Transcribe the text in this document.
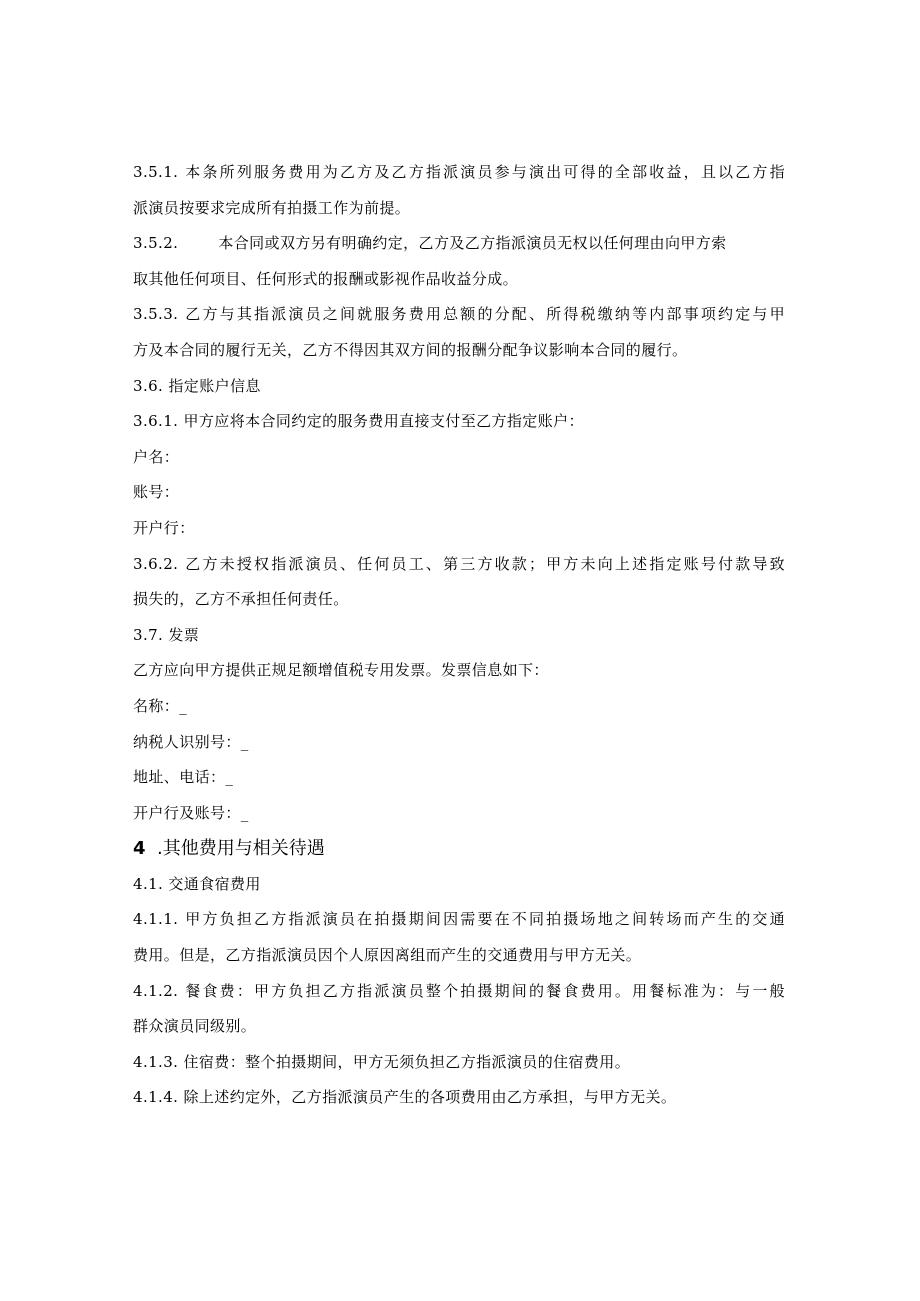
3.5.1. 本条所列服务费用为乙方及乙方指派演员参与演出可得的全部收益，且以乙方指
派演员按要求完成所有拍摄工作为前提。
3.5.2.	本合同或双方另有明确约定，乙方及乙方指派演员无权以任何理由向甲方索
取其他任何项目、任何形式的报酬或影视作品收益分成。
3.5.3. 乙方与其指派演员之间就服务费用总额的分配、所得税缴纳等内部事项约定与甲
方及本合同的履行无关，乙方不得因其双方间的报酬分配争议影响本合同的履行。
3.6. 指定账户信息
3.6.1. 甲方应将本合同约定的服务费用直接支付至乙方指定账户：
户名：
账号：
开户行：
3.6.2. 乙方未授权指派演员、任何员工、第三方收款；甲方未向上述指定账号付款导致
损失的，乙方不承担任何责任。
3.7. 发票
乙方应向甲方提供正规足额增值税专用发票。发票信息如下：
名称：_
纳税人识别号：_
地址、电话：_
开户行及账号：_
4 .其他费用与相关待遇
4.1. 交通食宿费用
4.1.1. 甲方负担乙方指派演员在拍摄期间因需要在不同拍摄场地之间转场而产生的交通
费用。但是，乙方指派演员因个人原因离组而产生的交通费用与甲方无关。
4.1.2. 餐食费：甲方负担乙方指派演员整个拍摄期间的餐食费用。用餐标准为：与一般
群众演员同级别。
4.1.3. 住宿费：整个拍摄期间，甲方无须负担乙方指派演员的住宿费用。
4.1.4. 除上述约定外，乙方指派演员产生的各项费用由乙方承担，与甲方无关。
